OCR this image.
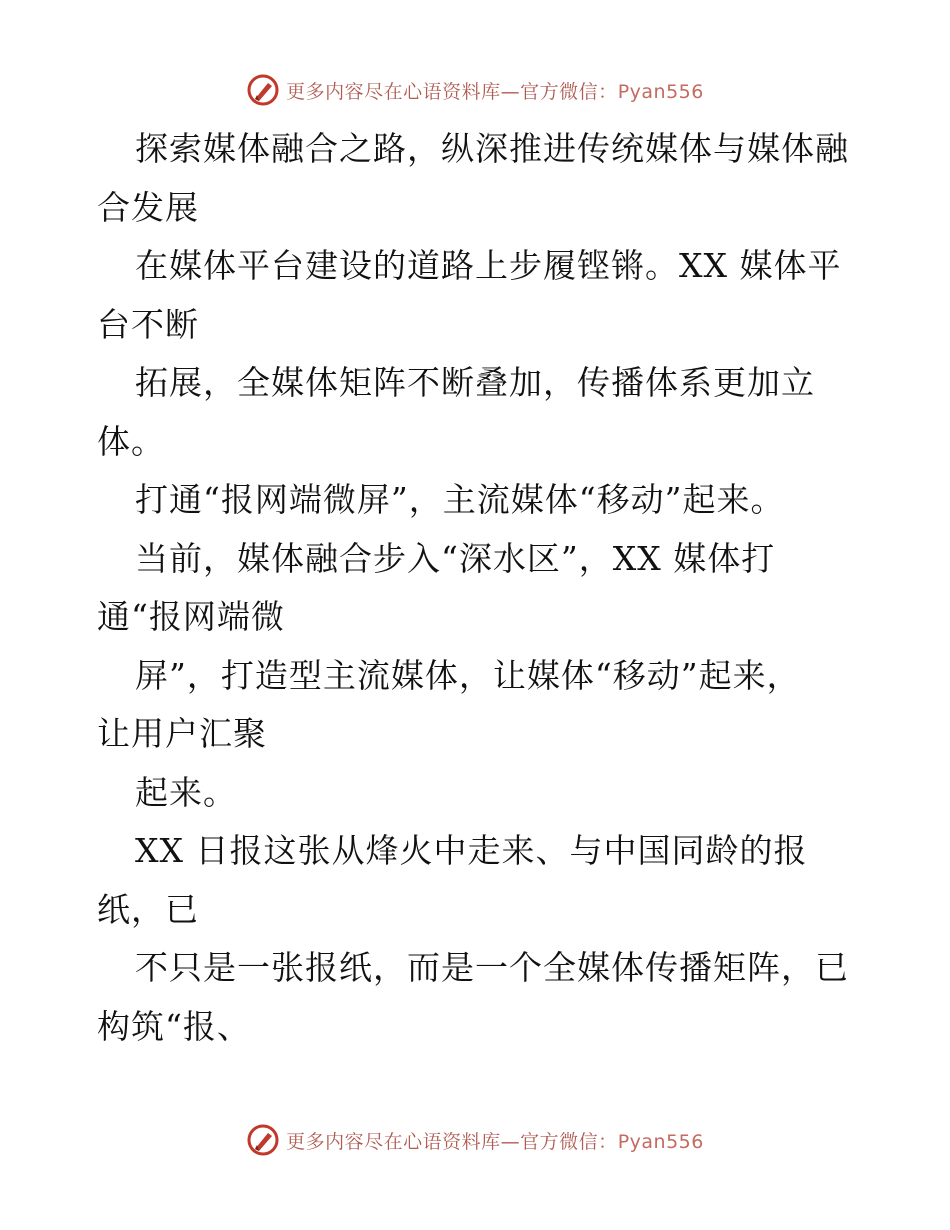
更多内容尽在心语资料库—官方微信：Pyan556
探索媒体融合之路，纵深推进传统媒体与媒体融
合发展
在媒体平台建设的道路上步履铿锵。XX 媒体平
台不断
拓展，全媒体矩阵不断叠加，传播体系更加立
体。
打通“报网端微屏”，主流媒体“移动”起来。
当前，媒体融合步入“深水区”，XX 媒体打
通“报网端微
屏”，打造型主流媒体，让媒体“移动”起来，
让用户汇聚
起来。
XX 日报这张从烽火中走来、与中国同龄的报
纸，已
不只是一张报纸，而是一个全媒体传播矩阵，已
构筑“报、
更多内容尽在心语资料库—官方微信：Pyan556
